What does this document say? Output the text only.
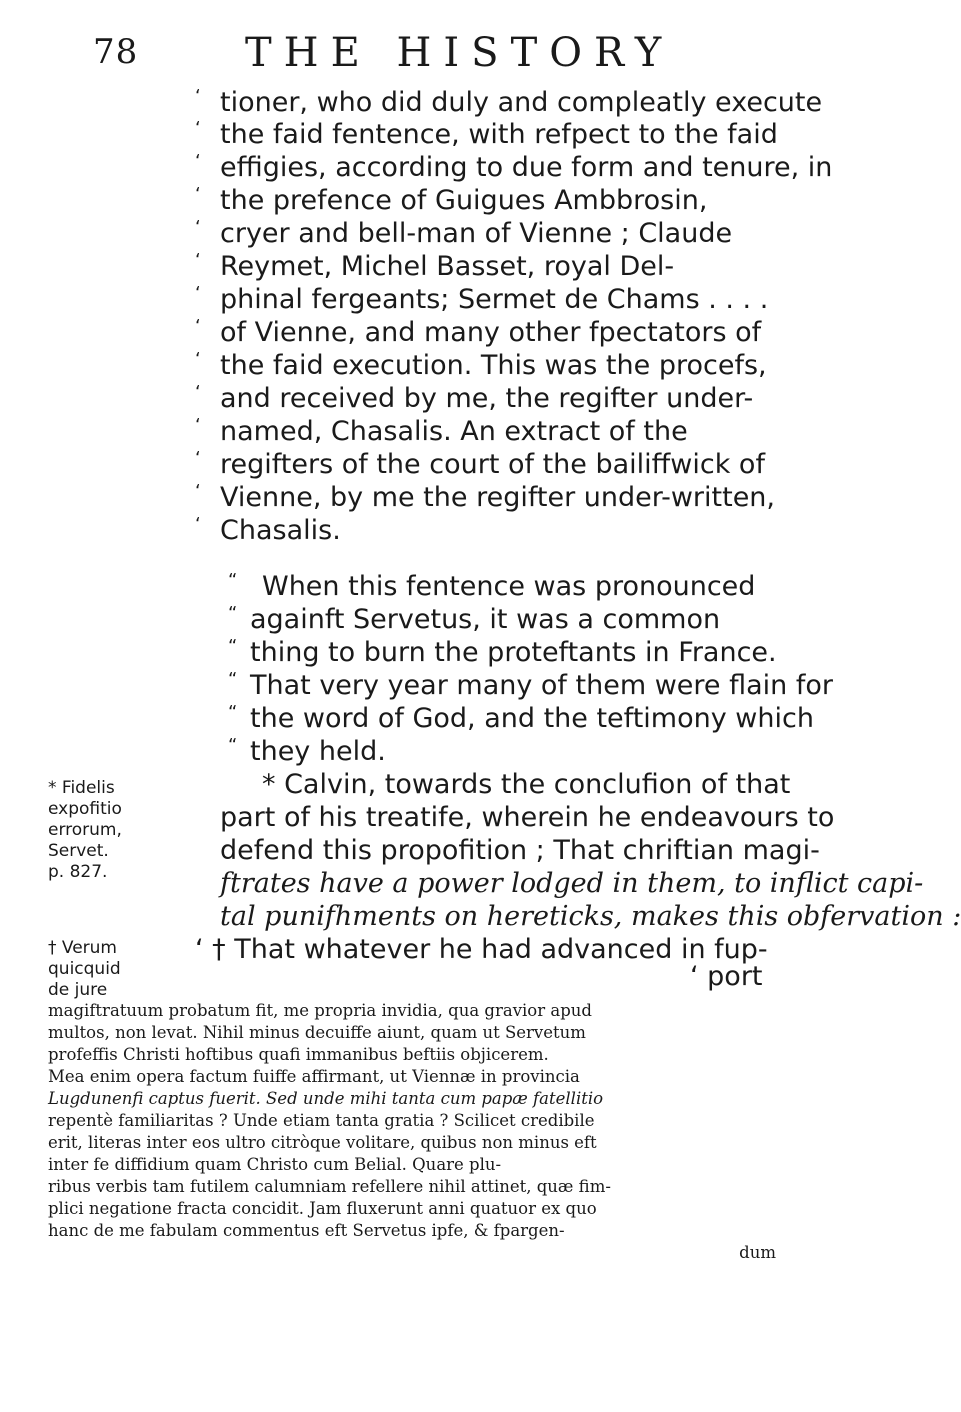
78	THE HISTORY
‘ tioner, who did duly and compleatly execute
‘ the faid fentence, with refpect to the faid
‘ effigies, according to due form and tenure, in
‘ the prefence of Guigues Ambbrosin,
‘ cryer and bell-man of Vienne ; Claude
‘ Reymet, Michel Basset, royal Del-
‘ phinal fergeants; Sermet de Chams . . . .
‘ of Vienne, and many other fpectators of
‘ the faid execution. This was the procefs,
‘ and received by me, the regifter under-
‘ named, Chasalis. An extract of the
‘ regifters of the court of the bailiffwick of
‘ Vienne, by me the regifter under-written,
‘ Chasalis.
“ When this fentence was pronounced
“ againft Servetus, it was a common
“ thing to burn the proteftants in France.
“ That very year many of them were flain for
“ the word of God, and the teftimony which
“ they held.
* Calvin, towards the conclufion of that
part of his treatife, wherein he endeavours to
defend this propofition ; That chriftian magi-
ftrates have a power lodged in them, to inflict capi-
tal punifhments on hereticks, makes this obfervation :
‘ † That whatever he had advanced in fup-
‘ port
* Fidelis
expofitio
errorum,
Servet.
p. 827.
† Verum
quicquid
de jure
magiftratuum probatum fit, me propria invidia, qua gravior apud
multos, non levat. Nihil minus decuiffe aiunt, quam ut Servetum
profeffis Christi hoftibus quafi immanibus beftiis objicerem.
Mea enim opera factum fuiffe affirmant, ut Viennæ in provincia
Lugdunenfi captus fuerit. Sed unde mihi tanta cum papæ fatellitio
repentè familiaritas ? Unde etiam tanta gratia ? Scilicet credibile
erit, literas inter eos ultro citròque volitare, quibus non minus eft
inter fe diffidium quam Christo cum Belial. Quare plu-
ribus verbis tam futilem calumniam refellere nihil attinet, quæ fim-
plici negatione fracta concidit. Jam fluxerunt anni quatuor ex quo
hanc de me fabulam commentus eft Servetus ipfe, & fpargen-
dum
